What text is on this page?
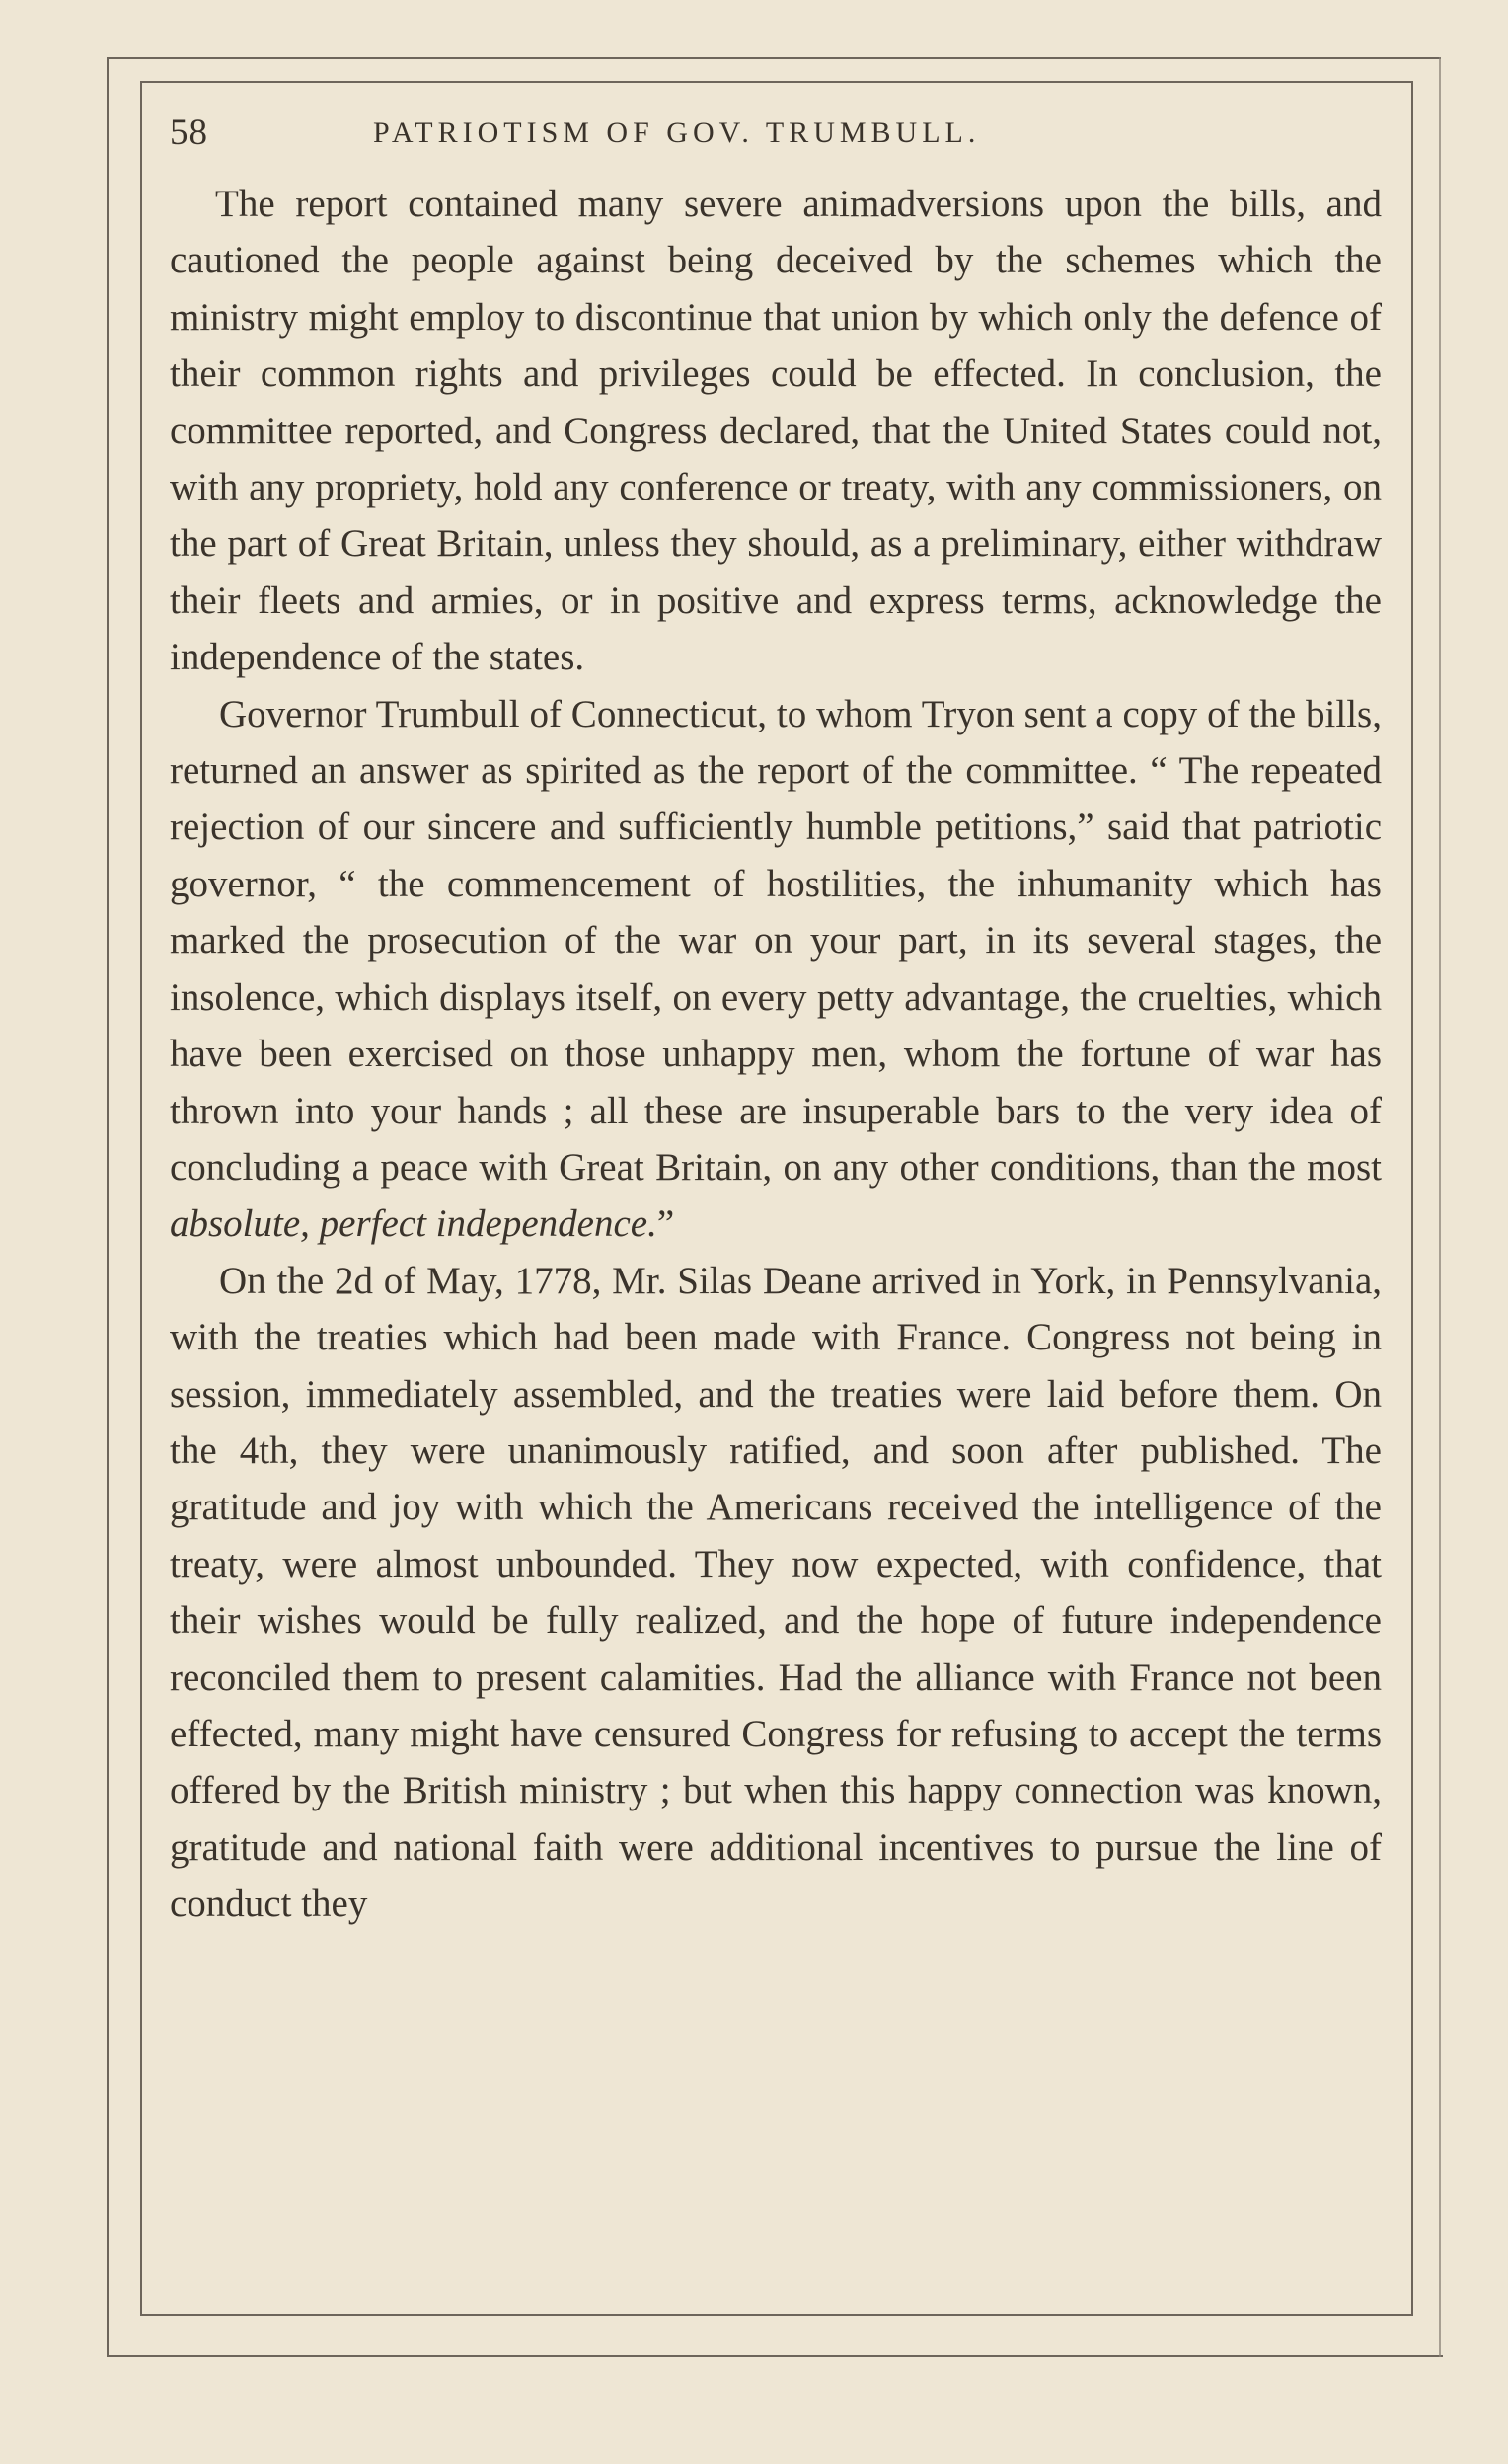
58	PATRIOTISM OF GOV. TRUMBULL.

The report contained many severe animadversions upon the bills, and cautioned the people against being deceived by the schemes which the ministry might employ to discontinue that union by which only the defence of their common rights and privileges could be effected. In conclusion, the committee reported, and Congress declared, that the United States could not, with any propriety, hold any conference or treaty, with any commissioners, on the part of Great Britain, unless they should, as a preliminary, either withdraw their fleets and armies, or in positive and express terms, acknowledge the independence of the states.

Governor Trumbull of Connecticut, to whom Tryon sent a copy of the bills, returned an answer as spirited as the report of the committee. “ The repeated rejection of our sincere and sufficiently humble petitions,” said that patriotic governor, “ the commencement of hostilities, the inhumanity which has marked the prosecution of the war on your part, in its several stages, the insolence, which displays itself, on every petty advantage, the cruelties, which have been exercised on those unhappy men, whom the fortune of war has thrown into your hands ; all these are insuperable bars to the very idea of concluding a peace with Great Britain, on any other conditions, than the most absolute, perfect independence.”

On the 2d of May, 1778, Mr. Silas Deane arrived in York, in Pennsylvania, with the treaties which had been made with France. Congress not being in session, immediately assembled, and the treaties were laid before them. On the 4th, they were unanimously ratified, and soon after published. The gratitude and joy with which the Americans received the intelligence of the treaty, were almost unbounded. They now expected, with confidence, that their wishes would be fully realized, and the hope of future independence reconciled them to present calamities. Had the alliance with France not been effected, many might have censured Congress for refusing to accept the terms offered by the British ministry ; but when this happy connection was known, gratitude and national faith were additional incentives to pursue the line of conduct they
